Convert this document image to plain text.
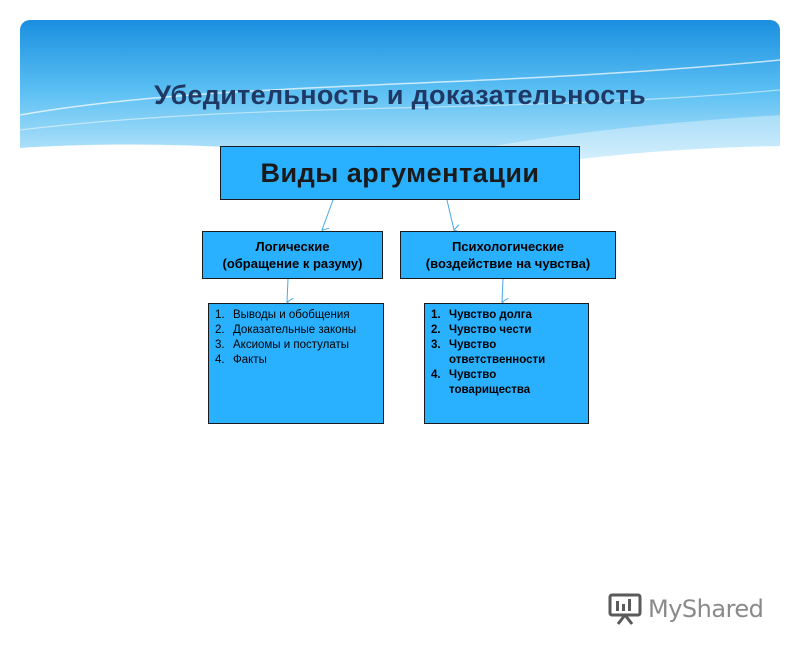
Убедительность и доказательность
Виды аргументации
Логические
(обращение к разуму)
Психологические
(воздействие на чувства)
1. Выводы и обобщения
2. Доказательные законы
3. Аксиомы и постулаты
4. Факты
1. Чувство долга
2. Чувство чести
3. Чувство ответственности
4. Чувство товарищества
MyShared
